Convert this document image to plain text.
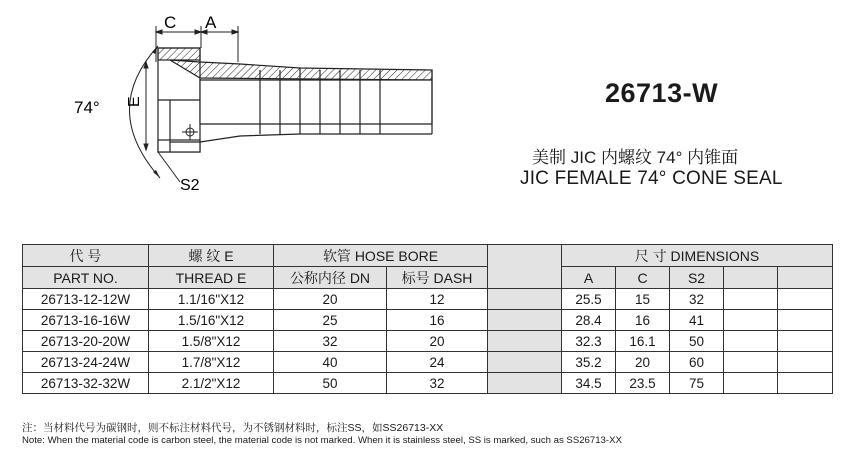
C A
74° E
S2
26713-W
美制 JIC 内螺纹 74° 内锥面
JIC FEMALE 74° CONE SEAL
代 号	螺 纹 E	软管 HOSE BORE			尺 寸 DIMENSIONS				
PART NO.	THREAD E	公称内径 DN	标号 DASH		A	C	S2		
26713-12-12W	1.1/16"X12	20	12		25.5	15	32		
26713-16-16W	1.5/16"X12	25	16		28.4	16	41		
26713-20-20W	1.5/8"X12	32	20		32.3	16.1	50		
26713-24-24W	1.7/8"X12	40	24		35.2	20	60		
26713-32-32W	2.1/2"X12	50	32		34.5	23.5	75		
注：当材料代号为碳钢时，则不标注材料代号，为不锈钢材料时，标注SS，如SS26713-XX
Note: When the material code is carbon steel, the material code is not marked. When it is stainless steel, SS is marked, such as SS26713-XX
